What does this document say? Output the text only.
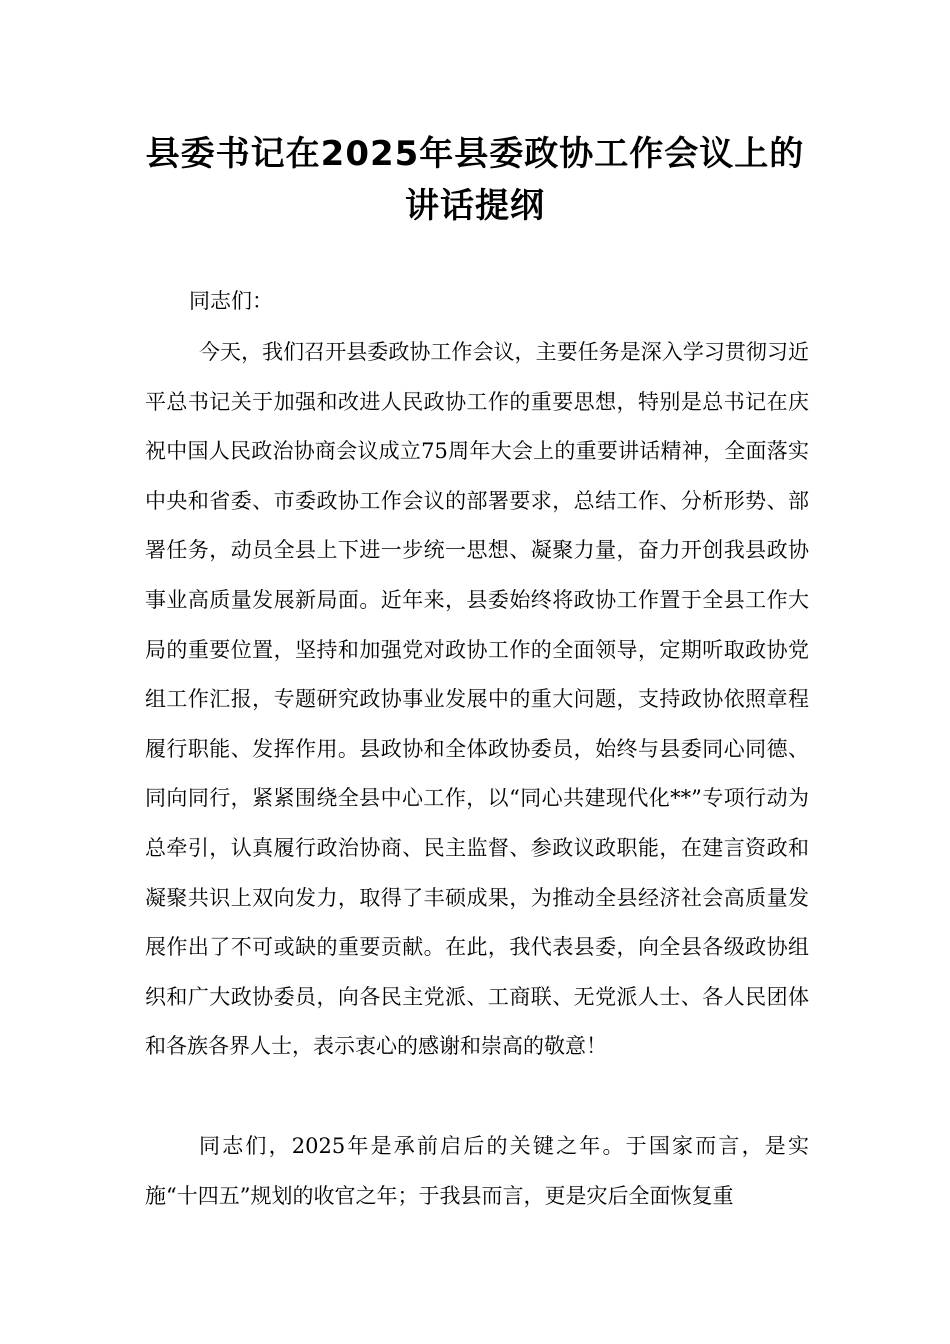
县委书记在2025年县委政协工作会议上的
讲话提纲

同志们：

今天，我们召开县委政协工作会议，主要任务是深入学习贯彻习近平总书记关于加强和改进人民政协工作的重要思想，特别是总书记在庆祝中国人民政治协商会议成立75周年大会上的重要讲话精神，全面落实中央和省委、市委政协工作会议的部署要求，总结工作、分析形势、部署任务，动员全县上下进一步统一思想、凝聚力量，奋力开创我县政协事业高质量发展新局面。近年来，县委始终将政协工作置于全县工作大局的重要位置，坚持和加强党对政协工作的全面领导，定期听取政协党组工作汇报，专题研究政协事业发展中的重大问题，支持政协依照章程履行职能、发挥作用。县政协和全体政协委员，始终与县委同心同德、同向同行，紧紧围绕全县中心工作，以“同心共建现代化**”专项行动为总牵引，认真履行政治协商、民主监督、参政议政职能，在建言资政和凝聚共识上双向发力，取得了丰硕成果，为推动全县经济社会高质量发展作出了不可或缺的重要贡献。在此，我代表县委，向全县各级政协组织和广大政协委员，向各民主党派、工商联、无党派人士、各人民团体和各族各界人士，表示衷心的感谢和崇高的敬意！

同志们，2025年是承前启后的关键之年。于国家而言，是实施“十四五”规划的收官之年；于我县而言，更是灾后全面恢复重
